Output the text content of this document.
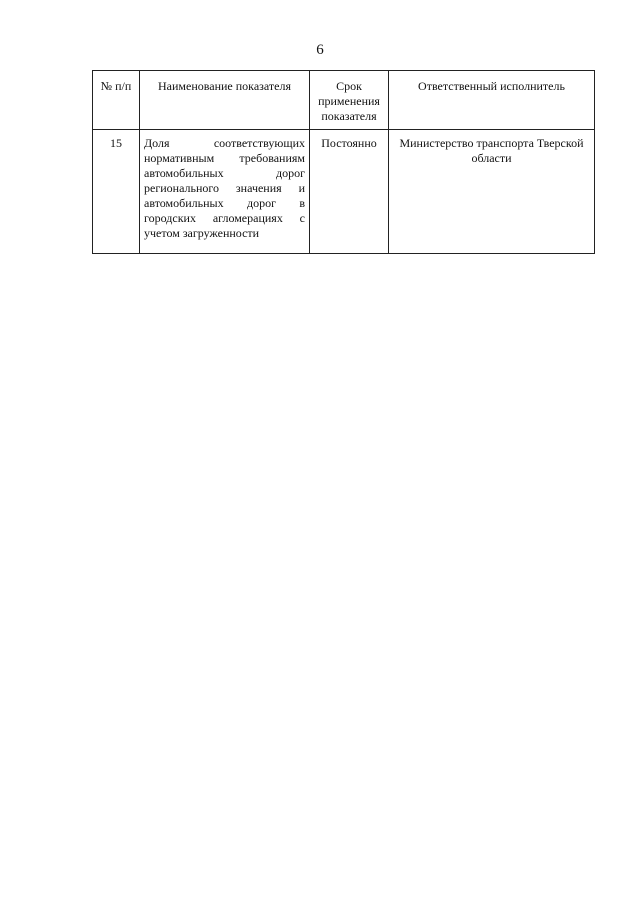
6
№ п/п	Наименование показателя	Срок применения показателя	Ответственный исполнитель
15	Доля соответствующих нормативным требованиям автомобильных дорог регионального значения и автомобильных дорог в городских агломерациях с учетом загруженности	Постоянно	Министерство транспорта Тверской области
